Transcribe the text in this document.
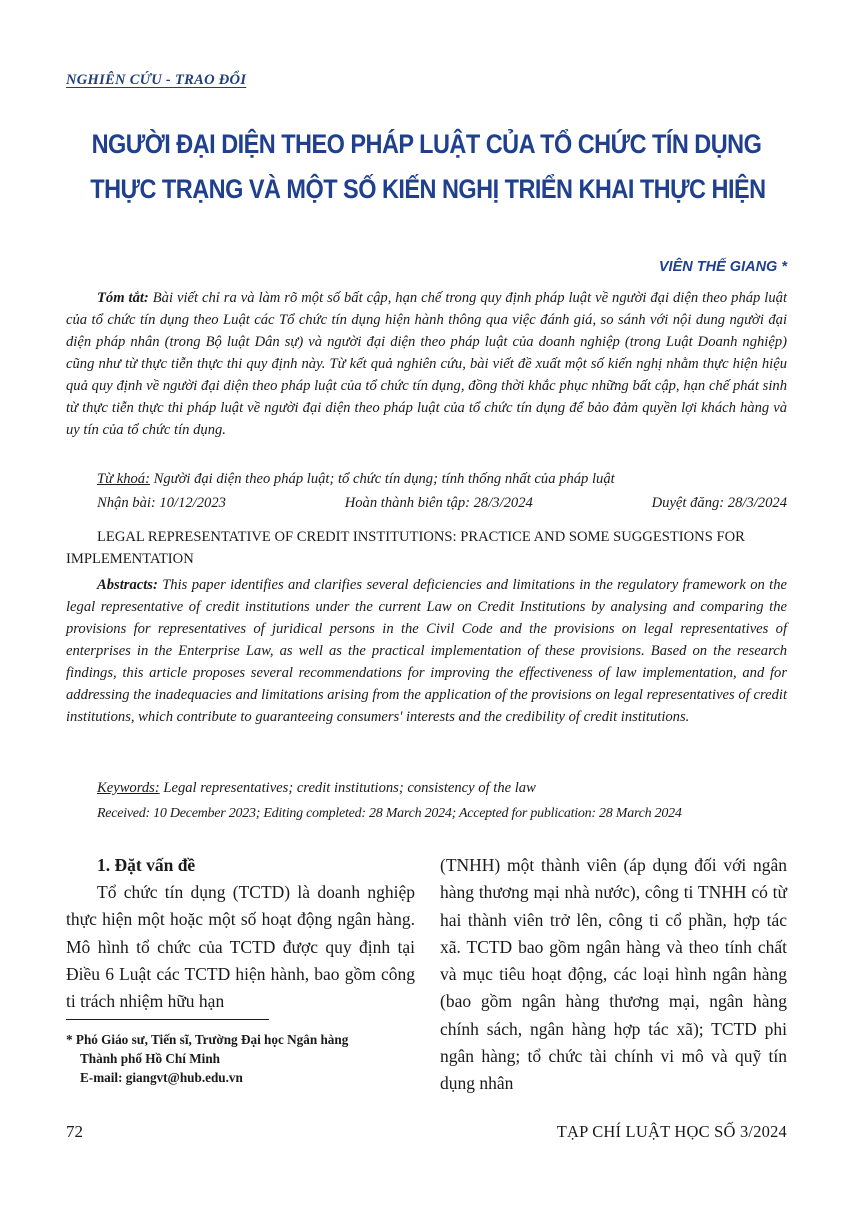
NGHIÊN CỨU - TRAO ĐỔI
NGƯỜI ĐẠI DIỆN THEO PHÁP LUẬT CỦA TỔ CHỨC TÍN DỤNG
THỰC TRẠNG VÀ MỘT SỐ KIẾN NGHỊ TRIỂN KHAI THỰC HIỆN
VIÊN THẾ GIANG *

Tóm tắt: Bài viết chỉ ra và làm rõ một số bất cập, hạn chế trong quy định pháp luật về người đại diện theo pháp luật của tổ chức tín dụng theo Luật các Tổ chức tín dụng hiện hành thông qua việc đánh giá, so sánh với nội dung người đại diện pháp nhân (trong Bộ luật Dân sự) và người đại diện theo pháp luật của doanh nghiệp (trong Luật Doanh nghiệp) cũng như từ thực tiễn thực thi quy định này. Từ kết quả nghiên cứu, bài viết đề xuất một số kiến nghị nhằm thực hiện hiệu quả quy định về người đại diện theo pháp luật của tổ chức tín dụng, đồng thời khắc phục những bất cập, hạn chế phát sinh từ thực tiễn thực thi pháp luật về người đại diện theo pháp luật của tổ chức tín dụng để bảo đảm quyền lợi khách hàng và uy tín của tổ chức tín dụng.

Từ khoá: Người đại diện theo pháp luật; tổ chức tín dụng; tính thống nhất của pháp luật

Nhận bài: 10/12/2023	Hoàn thành biên tập: 28/3/2024	Duyệt đăng: 28/3/2024

LEGAL REPRESENTATIVE OF CREDIT INSTITUTIONS: PRACTICE AND SOME SUGGESTIONS FOR IMPLEMENTATION

Abstracts: This paper identifies and clarifies several deficiencies and limitations in the regulatory framework on the legal representative of credit institutions under the current Law on Credit Institutions by analysing and comparing the provisions for representatives of juridical persons in the Civil Code and the provisions on legal representatives of enterprises in the Enterprise Law, as well as the practical implementation of these provisions. Based on the research findings, this article proposes several recommendations for improving the effectiveness of law implementation, and for addressing the inadequacies and limitations arising from the application of the provisions on legal representatives of credit institutions, which contribute to guaranteeing consumers' interests and the credibility of credit institutions.

Keywords: Legal representatives; credit institutions; consistency of the law

Received: 10 December 2023; Editing completed: 28 March 2024; Accepted for publication: 28 March 2024
1. Đặt vấn đề

Tổ chức tín dụng (TCTD) là doanh nghiệp thực hiện một hoặc một số hoạt động ngân hàng. Mô hình tổ chức của TCTD được quy định tại Điều 6 Luật các TCTD hiện hành, bao gồm công ti trách nhiệm hữu hạn

(TNHH) một thành viên (áp dụng đối với ngân hàng thương mại nhà nước), công ti TNHH có từ hai thành viên trở lên, công ti cổ phần, hợp tác xã. TCTD bao gồm ngân hàng và theo tính chất và mục tiêu hoạt động, các loại hình ngân hàng (bao gồm ngân hàng thương mại, ngân hàng chính sách, ngân hàng hợp tác xã); TCTD phi ngân hàng; tổ chức tài chính vi mô và quỹ tín dụng nhân

* Phó Giáo sư, Tiến sĩ, Trường Đại học Ngân hàng
Thành phố Hồ Chí Minh
E-mail: giangvt@hub.edu.vn
72	TẠP CHÍ LUẬT HỌC SỐ 3/2024
